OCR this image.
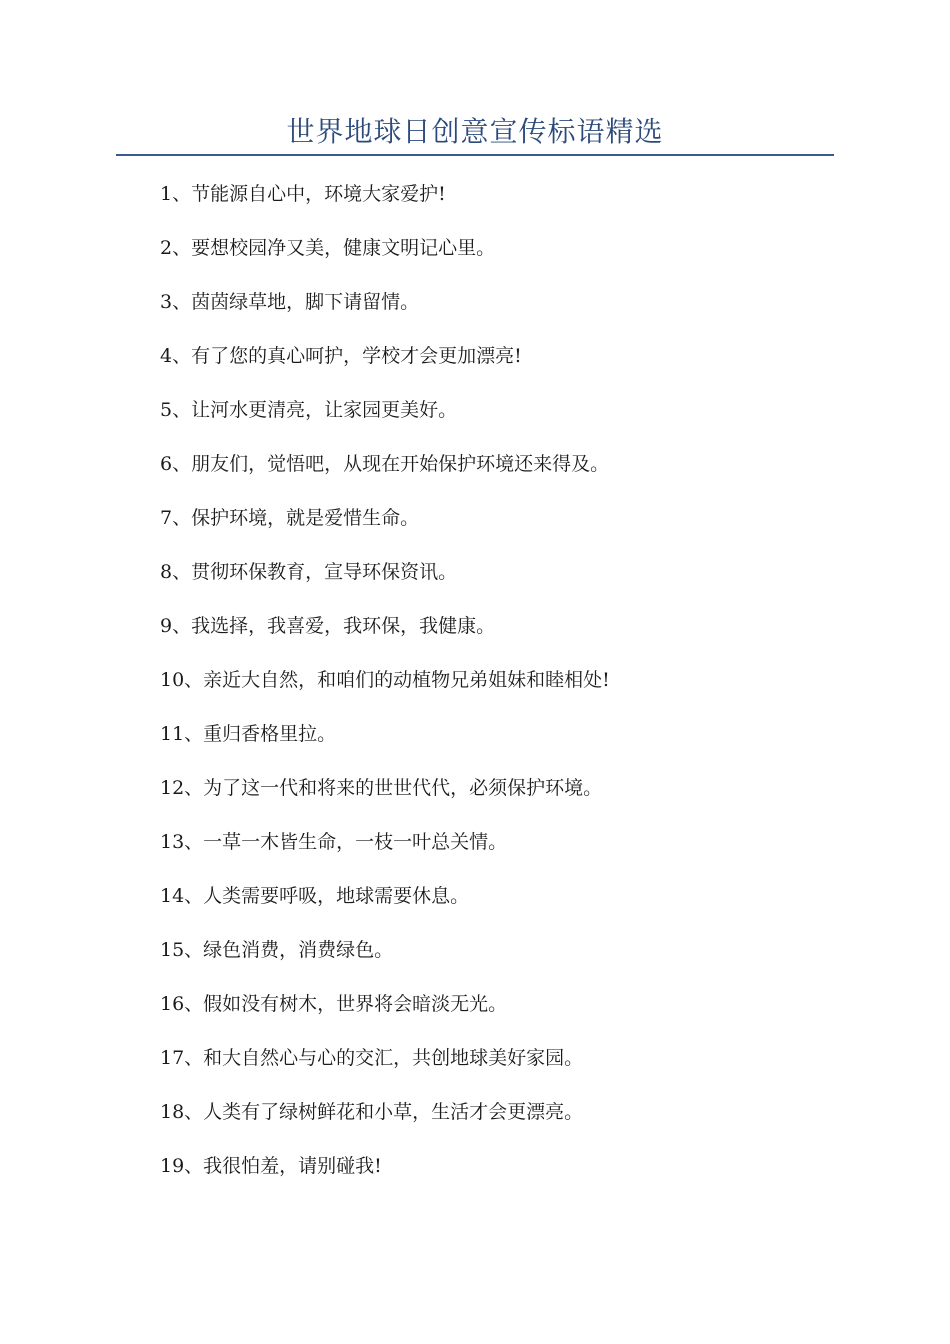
世界地球日创意宣传标语精选
1、节能源自心中，环境大家爱护!
2、要想校园净又美，健康文明记心里。
3、茵茵绿草地，脚下请留情。
4、有了您的真心呵护，学校才会更加漂亮!
5、让河水更清亮，让家园更美好。
6、朋友们，觉悟吧，从现在开始保护环境还来得及。
7、保护环境，就是爱惜生命。
8、贯彻环保教育，宣导环保资讯。
9、我选择，我喜爱，我环保，我健康。
10、亲近大自然，和咱们的动植物兄弟姐妹和睦相处!
11、重归香格里拉。
12、为了这一代和将来的世世代代，必须保护环境。
13、一草一木皆生命，一枝一叶总关情。
14、人类需要呼吸，地球需要休息。
15、绿色消费，消费绿色。
16、假如没有树木，世界将会暗淡无光。
17、和大自然心与心的交汇，共创地球美好家园。
18、人类有了绿树鲜花和小草，生活才会更漂亮。
19、我很怕羞，请别碰我!
